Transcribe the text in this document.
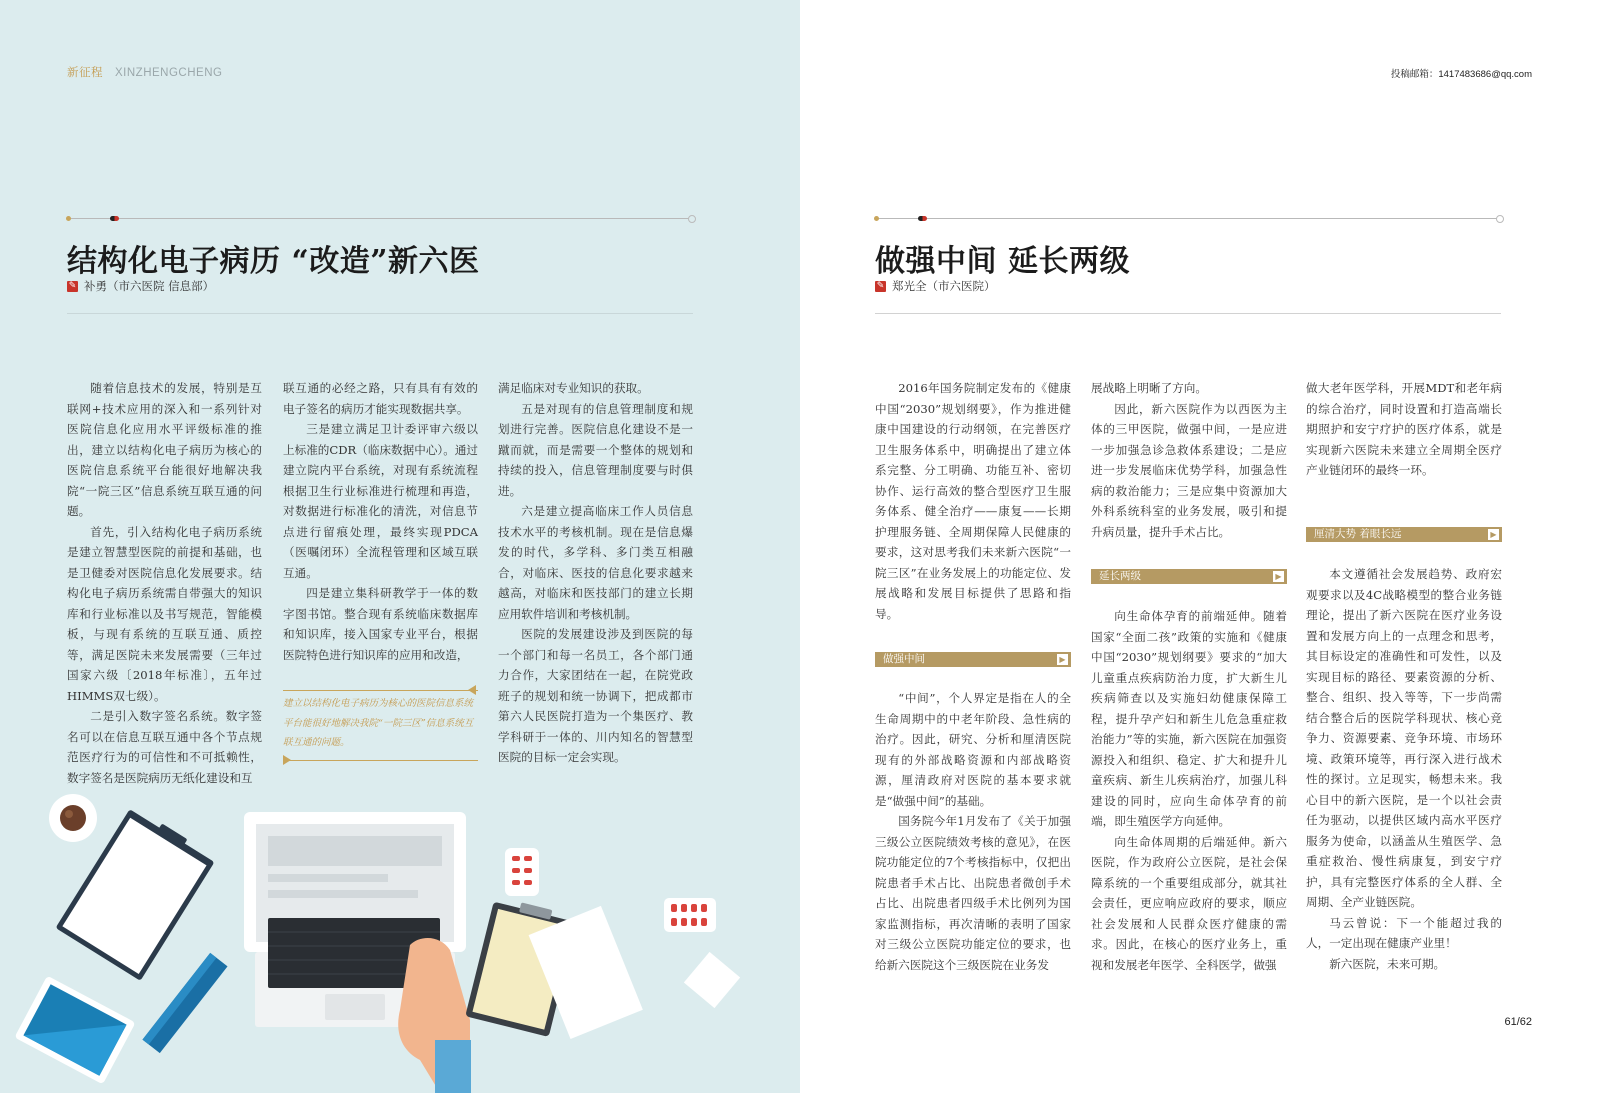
新征程 XINZHENGCHENG
结构化电子病历 “改造”新六医
✎ 补勇（市六医院 信息部）

随着信息技术的发展，特别是互联网+技术应用的深入和一系列针对医院信息化应用水平评级标准的推出，建立以结构化电子病历为核心的医院信息系统平台能很好地解决我院“一院三区”信息系统互联互通的问题。

首先，引入结构化电子病历系统是建立智慧型医院的前提和基础，也是卫健委对医院信息化发展要求。结构化电子病历系统需自带强大的知识库和行业标准以及书写规范，智能模板，与现有系统的互联互通、质控等，满足医院未来发展需要（三年过国家六级〔2018年标准〕，五年过HIMMS双七级）。

二是引入数字签名系统。数字签名可以在信息互联互通中各个节点规范医疗行为的可信性和不可抵赖性，数字签名是医院病历无纸化建设和互

联互通的必经之路，只有具有有效的电子签名的病历才能实现数据共享。

三是建立满足卫计委评审六级以上标准的CDR（临床数据中心）。通过建立院内平台系统，对现有系统流程根据卫生行业标准进行梳理和再造，对数据进行标准化的清洗，对信息节点进行留痕处理，最终实现PDCA（医嘱闭环）全流程管理和区域互联互通。

四是建立集科研教学于一体的数字图书馆。整合现有系统临床数据库和知识库，接入国家专业平台，根据医院特色进行知识库的应用和改造，

建立以结构化电子病历为核心的医院信息系统平台能很好地解决我院“一院三区”信息系统互联互通的问题。

满足临床对专业知识的获取。

五是对现有的信息管理制度和规划进行完善。医院信息化建设不是一蹴而就，而是需要一个整体的规划和持续的投入，信息管理制度要与时俱进。

六是建立提高临床工作人员信息技术水平的考核机制。现在是信息爆发的时代，多学科、多门类互相融合，对临床、医技的信息化要求越来越高，对临床和医技部门的建立长期应用软件培训和考核机制。

医院的发展建设涉及到医院的每一个部门和每一名员工，各个部门通力合作，大家团结在一起，在院党政班子的规划和统一协调下，把成都市第六人民医院打造为一个集医疗、教学科研于一体的、川内知名的智慧型医院的目标一定会实现。

投稿邮箱：1417483686@qq.com
做强中间 延长两级
✎ 郑光全（市六医院）

2016年国务院制定发布的《健康中国“2030”规划纲要》，作为推进健康中国建设的行动纲领，在完善医疗卫生服务体系中，明确提出了建立体系完整、分工明确、功能互补、密切协作、运行高效的整合型医疗卫生服务体系、健全治疗——康复——长期护理服务链、全周期保障人民健康的要求，这对思考我们未来新六医院“一院三区”在业务发展上的功能定位、发展战略和发展目标提供了思路和指导。

做强中间	▶

“中间”，个人界定是指在人的全生命周期中的中老年阶段、急性病的治疗。因此，研究、分析和厘清医院现有的外部战略资源和内部战略资源，厘清政府对医院的基本要求就是“做强中间”的基础。

国务院今年1月发布了《关于加强三级公立医院绩效考核的意见》，在医院功能定位的7个考核指标中，仅把出院患者手术占比、出院患者微创手术占比、出院患者四级手术比例列为国家监测指标，再次清晰的表明了国家对三级公立医院功能定位的要求，也给新六医院这个三级医院在业务发

展战略上明晰了方向。

因此，新六医院作为以西医为主体的三甲医院，做强中间，一是应进一步加强急诊急救体系建设；二是应进一步发展临床优势学科，加强急性病的救治能力；三是应集中资源加大外科系统科室的业务发展，吸引和提升病员量，提升手术占比。

延长两级	▶

向生命体孕育的前端延伸。随着国家“全面二孩”政策的实施和《健康中国“2030”规划纲要》要求的“加大儿童重点疾病防治力度，扩大新生儿疾病筛查以及实施妇幼健康保障工程，提升孕产妇和新生儿危急重症救治能力”等的实施，新六医院在加强资源投入和组织、稳定、扩大和提升儿童疾病、新生儿疾病治疗，加强儿科建设的同时，应向生命体孕育的前端，即生殖医学方向延伸。

向生命体周期的后端延伸。新六医院，作为政府公立医院，是社会保障系统的一个重要组成部分，就其社会责任，更应响应政府的要求，顺应社会发展和人民群众医疗健康的需求。因此，在核心的医疗业务上，重视和发展老年医学、全科医学，做强

做大老年医学科，开展MDT和老年病的综合治疗，同时设置和打造高端长期照护和安宁疗护的医疗体系，就是实现新六医院未来建立全周期全医疗产业链闭环的最终一环。

厘清大势 着眼长远	▶

本文遵循社会发展趋势、政府宏观要求以及4C战略模型的整合业务链理论，提出了新六医院在医疗业务设置和发展方向上的一点理念和思考，其目标设定的准确性和可发性，以及实现目标的路径、要素资源的分析、整合、组织、投入等等，下一步尚需结合整合后的医院学科现状、核心竞争力、资源要素、竞争环境、市场环境、政策环境等，再行深入进行战术性的探讨。立足现实，畅想未来。我心目中的新六医院，是一个以社会责任为驱动，以提供区域内高水平医疗服务为使命，以涵盖从生殖医学、急重症救治、慢性病康复，到安宁疗护，具有完整医疗体系的全人群、全周期、全产业链医院。

马云曾说：下一个能超过我的人，一定出现在健康产业里！

新六医院，未来可期。

61/62
